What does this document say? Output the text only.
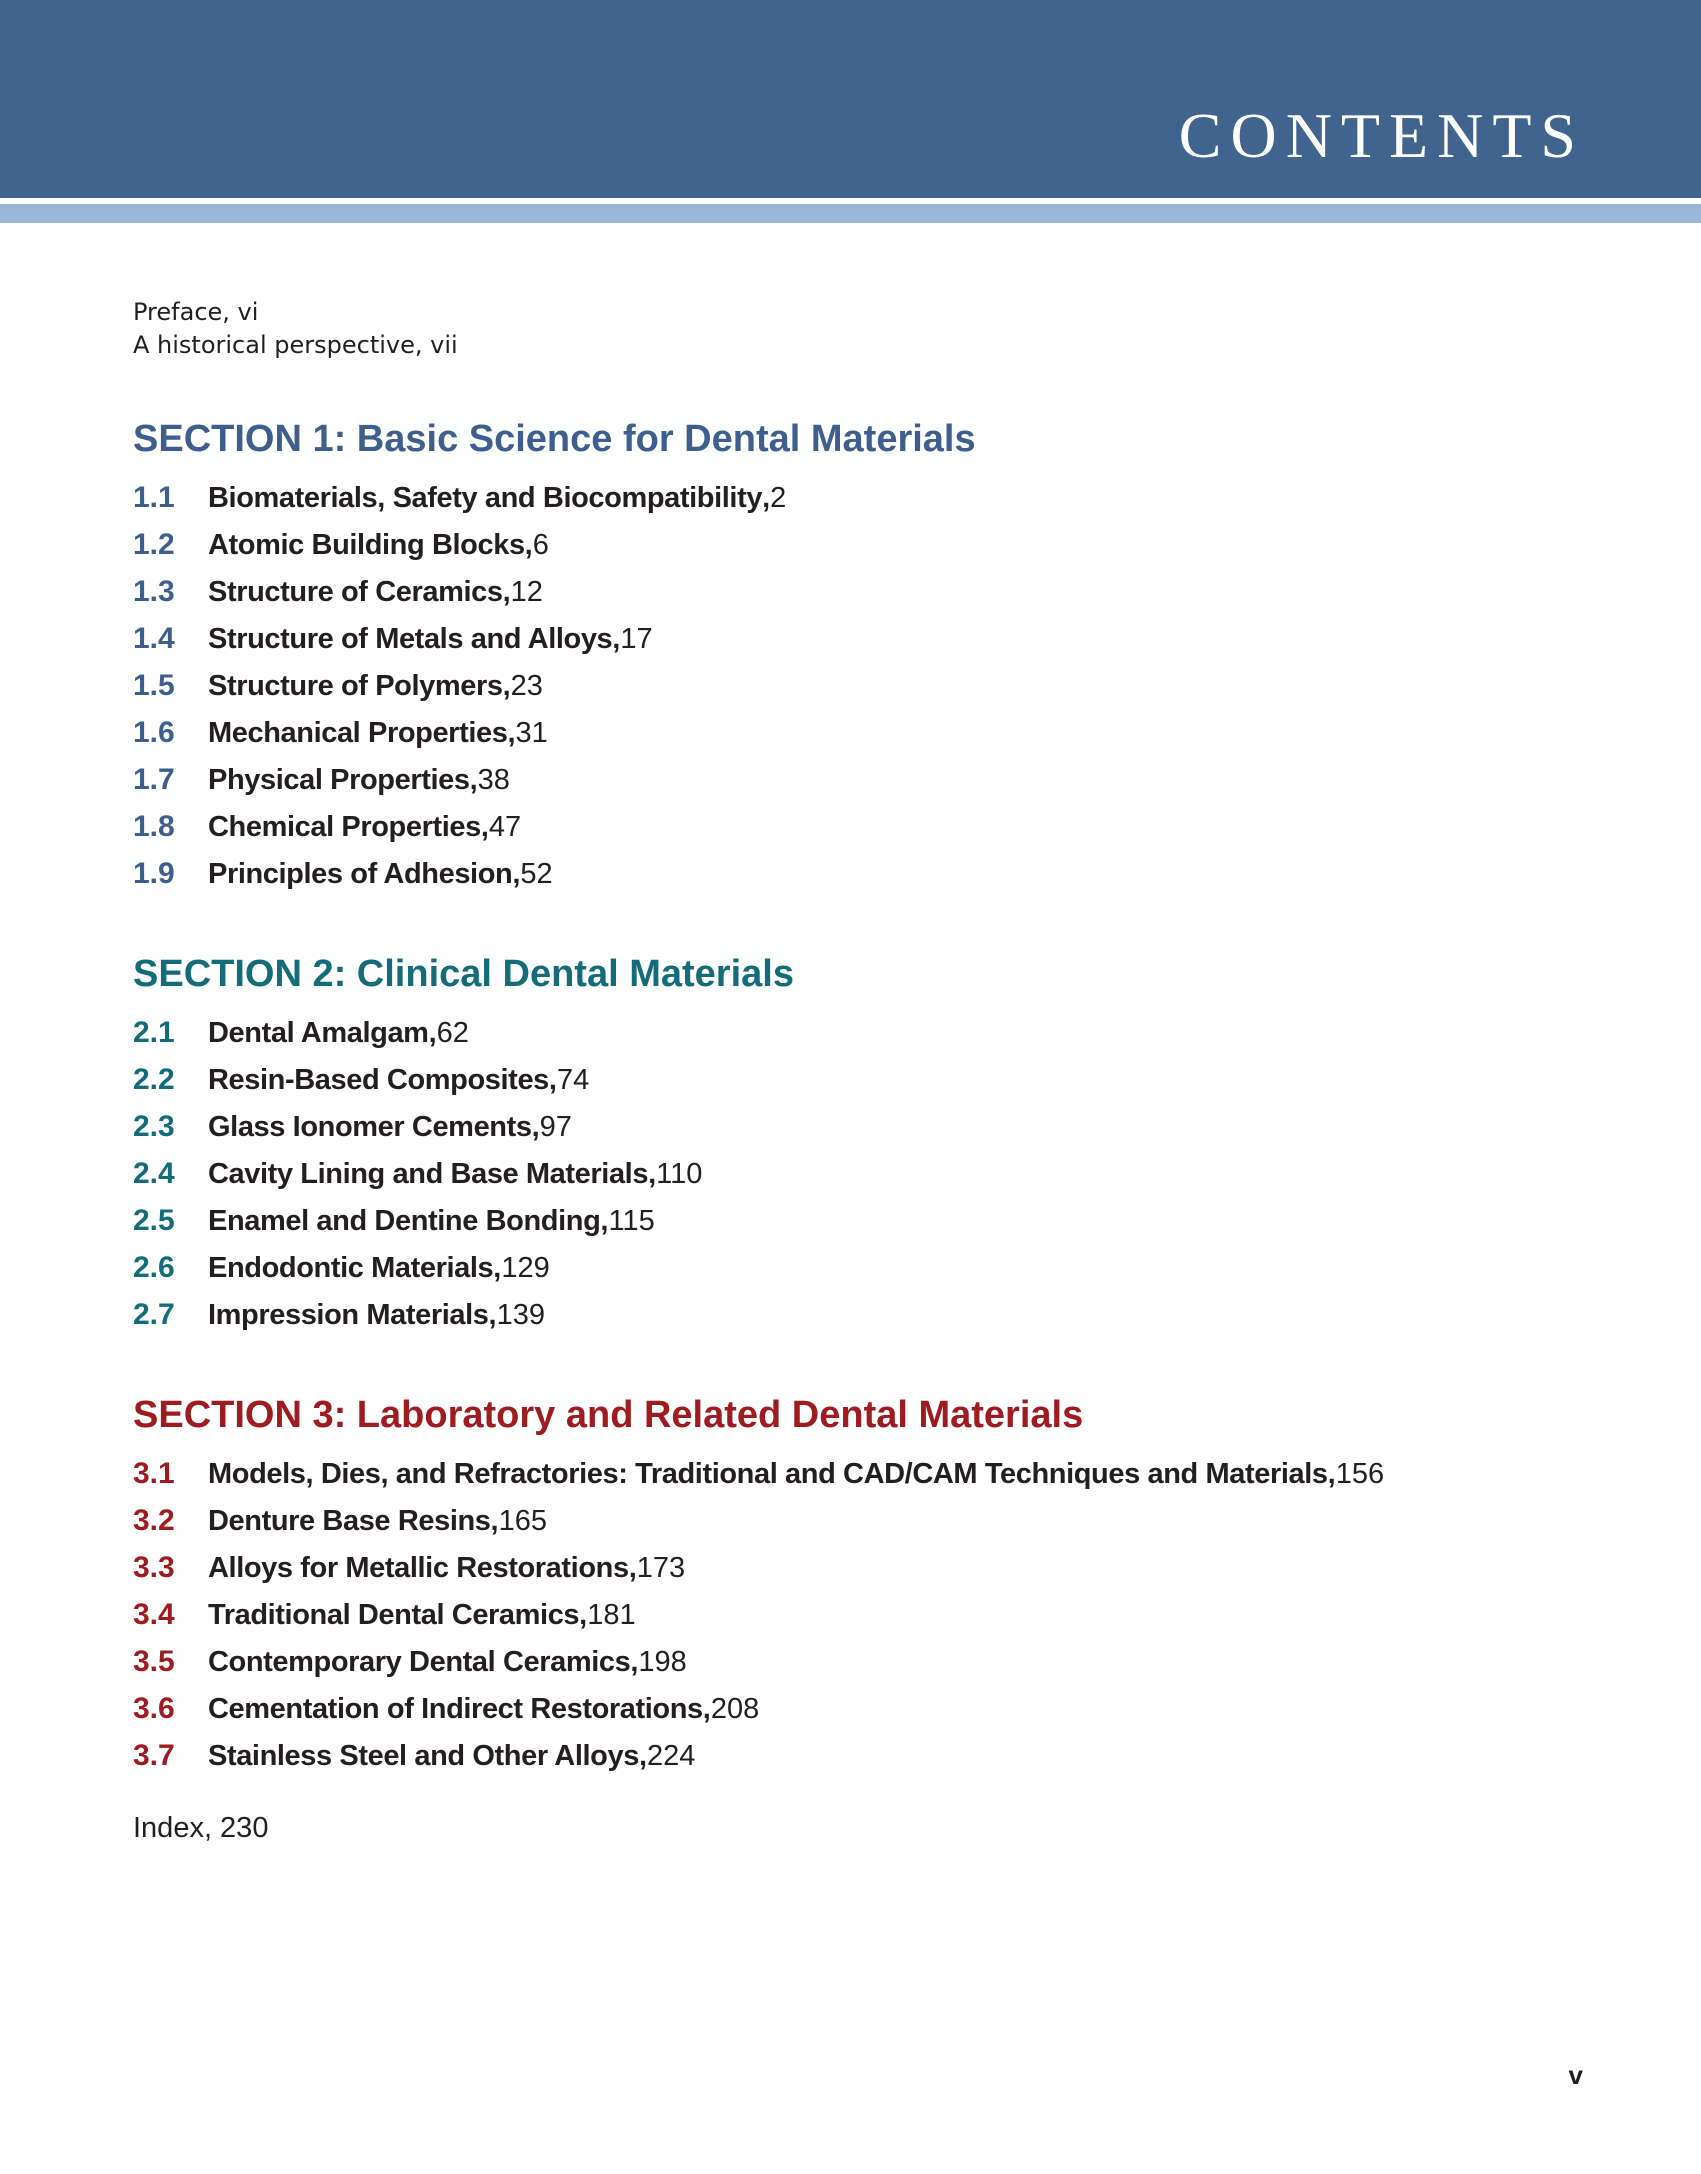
CONTENTS

Preface, vi

A historical perspective, vii

SECTION 1: Basic Science for Dental Materials
1.1	Biomaterials, Safety and Biocompatibility , 2
1.2	Atomic Building Blocks , 6
1.3	Structure of Ceramics , 12
1.4	Structure of Metals and Alloys , 17
1.5	Structure of Polymers , 23
1.6	Mechanical Properties , 31
1.7	Physical Properties , 38
1.8	Chemical Properties , 47
1.9	Principles of Adhesion , 52
SECTION 2: Clinical Dental Materials
2.1	Dental Amalgam , 62
2.2	Resin-Based Composites , 74
2.3	Glass Ionomer Cements , 97
2.4	Cavity Lining and Base Materials , 110
2.5	Enamel and Dentine Bonding , 115
2.6	Endodontic Materials , 129
2.7	Impression Materials , 139
SECTION 3: Laboratory and Related Dental Materials
3.1	Models, Dies, and Refractories: Traditional and CAD/CAM Techniques and Materials , 156
3.2	Denture Base Resins , 165
3.3	Alloys for Metallic Restorations , 173
3.4	Traditional Dental Ceramics , 181
3.5	Contemporary Dental Ceramics , 198
3.6	Cementation of Indirect Restorations , 208
3.7	Stainless Steel and Other Alloys , 224

Index, 230

v
